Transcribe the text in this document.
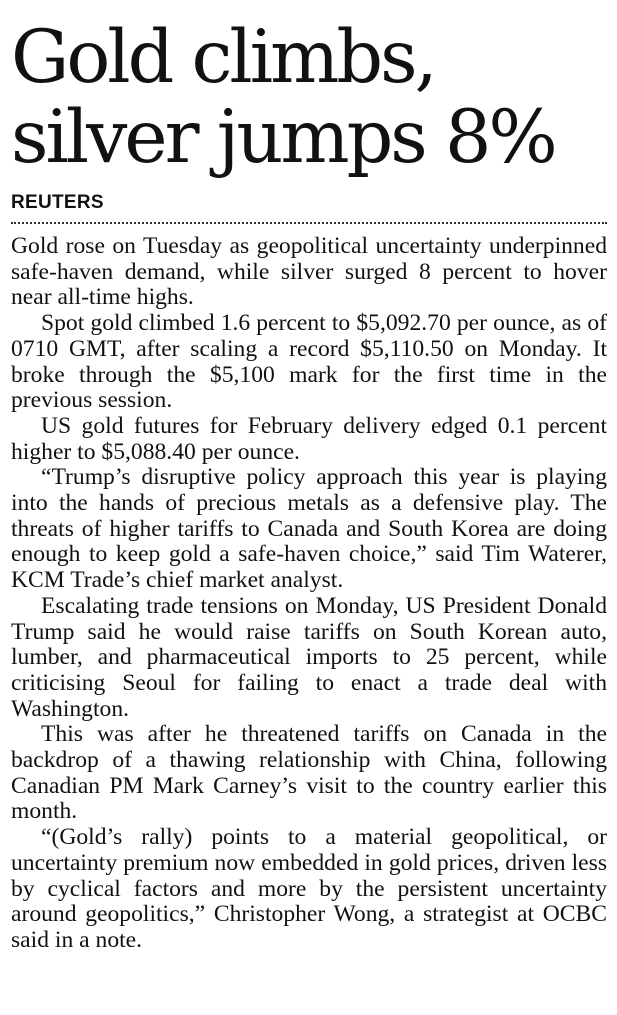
Gold climbs,
silver jumps 8%
REUTERS

Gold rose on Tuesday as geopolitical uncertainty underpinned safe-haven demand, while silver surged 8 percent to hover near all-time highs.

Spot gold climbed 1.6 percent to $5,092.70 per ounce, as of 0710 GMT, after scaling a record $5,110.50 on Monday. It broke through the $5,100 mark for the first time in the previous session.

US gold futures for February delivery edged 0.1 percent higher to $5,088.40 per ounce.

“Trump’s disruptive policy approach this year is playing into the hands of precious metals as a defensive play. The threats of higher tariffs to Canada and South Korea are doing enough to keep gold a safe-haven choice,” said Tim Waterer, KCM Trade’s chief market analyst.

Escalating trade tensions on Monday, US President Donald Trump said he would raise tariffs on South Korean auto, lumber, and pharmaceutical imports to 25 percent, while criticising Seoul for failing to enact a trade deal with Washington.

This was after he threatened tariffs on Canada in the backdrop of a thawing relationship with China, following Canadian PM Mark Carney’s visit to the country earlier this month.

“(Gold’s rally) points to a material geopolitical, or uncertainty premium now embedded in gold prices, driven less by cyclical factors and more by the persistent uncertainty around geopolitics,” Christopher Wong, a strategist at OCBC said in a note.
